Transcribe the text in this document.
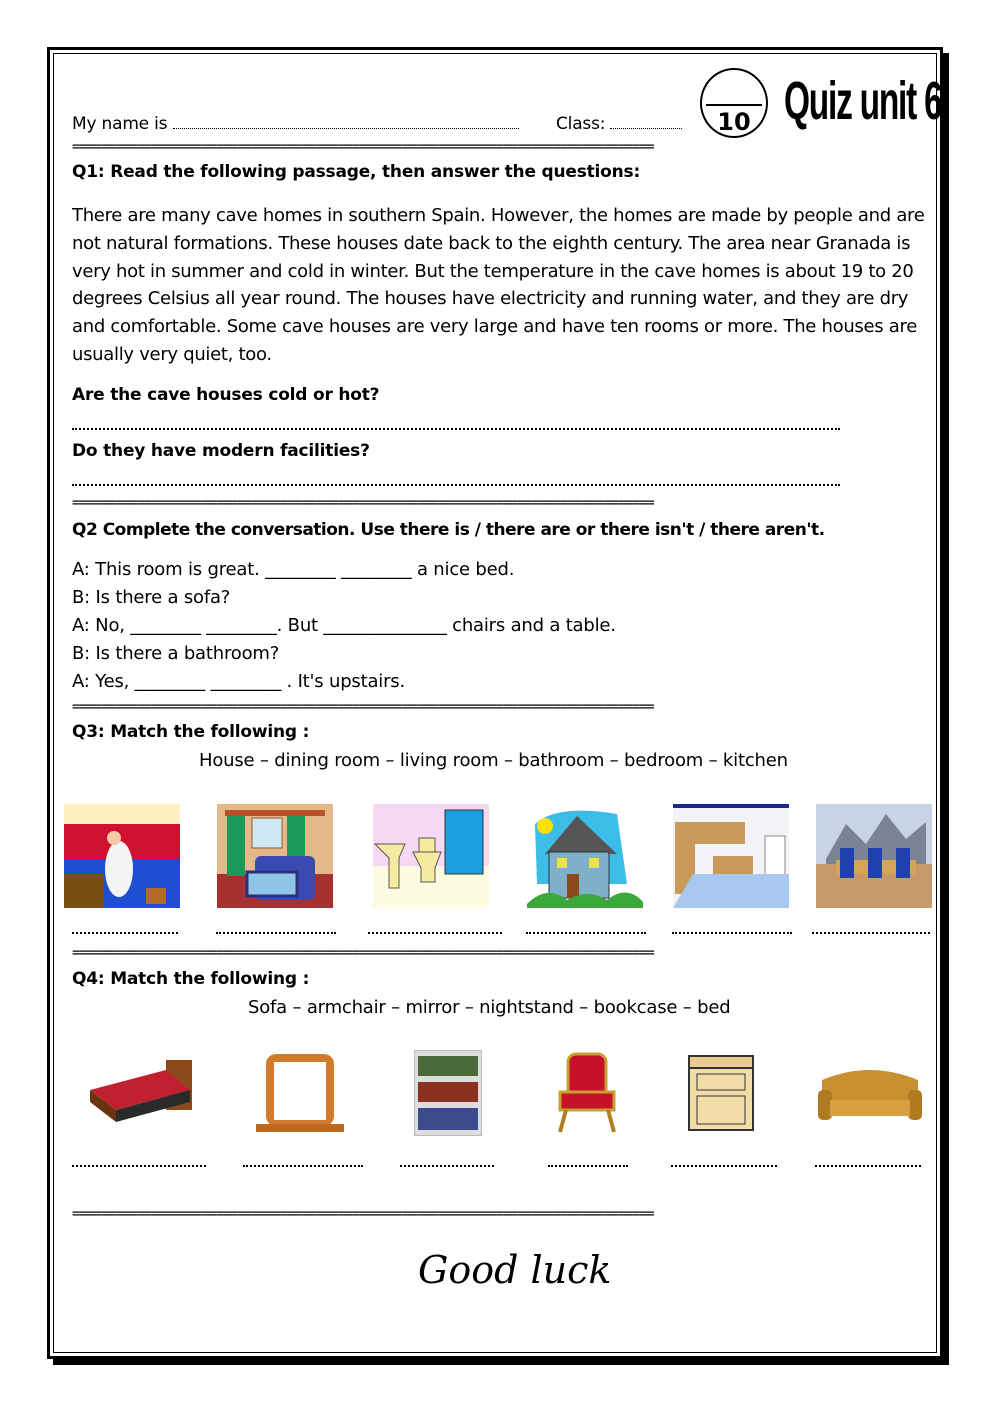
My name is	Class:	10 Quiz unit 6
=================================================================================
Q1: Read the following passage, then answer the questions:
There are many cave homes in southern Spain. However, the homes are made by people and are not natural formations. These houses date back to the eighth century. The area near Granada is very hot in summer and cold in winter. But the temperature in the cave homes is about 19 to 20 degrees Celsius all year round. The houses have electricity and running water, and they are dry and comfortable. Some cave houses are very large and have ten rooms or more. The houses are usually very quiet, too.
Are the cave houses cold or hot?
Do they have modern facilities?
=================================================================================
Q2 Complete the conversation. Use there is / there are or there isn't / there aren't.
A: This room is great. ________ ________ a nice bed.
B: Is there a sofa?
A: No, ________ ________. But ______________ chairs and a table.
B: Is there a bathroom?
A: Yes, ________ ________ . It's upstairs.
=================================================================================
Q3: Match the following :
House – dining room – living room – bathroom – bedroom – kitchen
=================================================================================
Q4: Match the following :
Sofa – armchair – mirror – nightstand – bookcase – bed
=================================================================================
Good luck
